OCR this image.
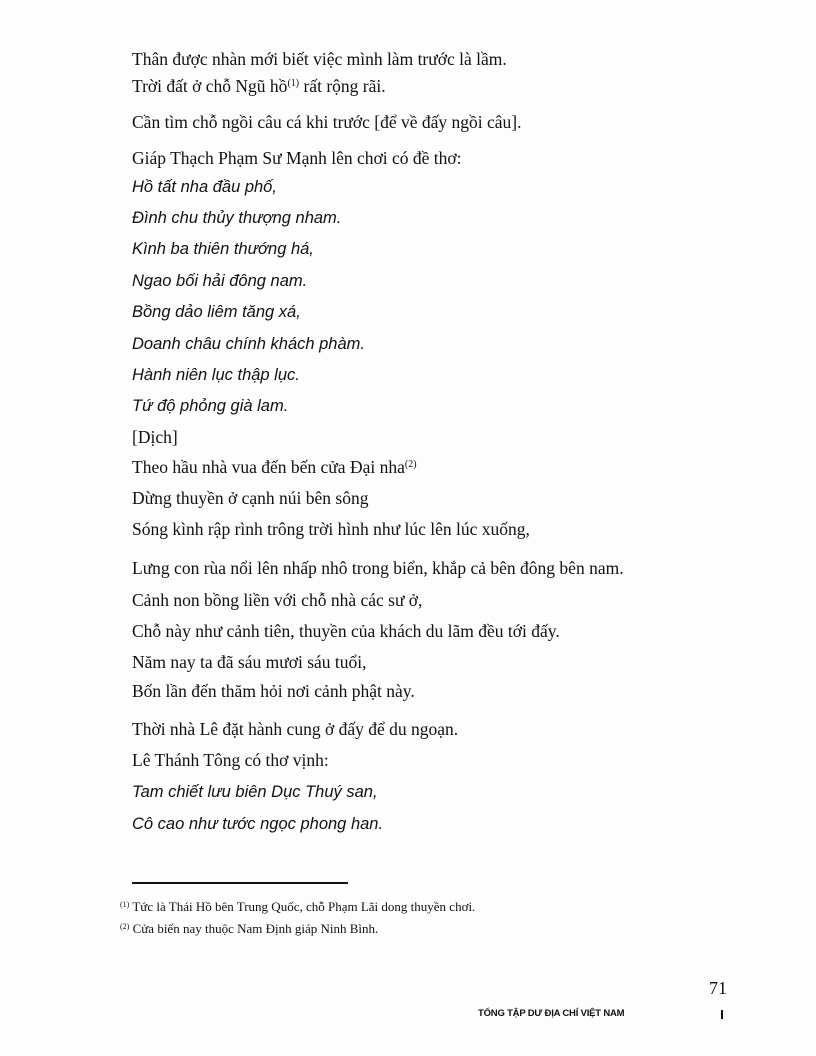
Thân được nhàn mới biết việc mình làm trước là lầm.
Trời đất ở chỗ Ngũ hồ$^{(1)}$ rất rộng rãi.
Cần tìm chỗ ngồi câu cá khi trước [để về đấy ngồi câu].
Giáp Thạch Phạm Sư Mạnh lên chơi có đề thơ:
Hồ tất nha đầu phố,
Đình chu thủy thượng nham.
Kình ba thiên thướng há,
Ngao bối hải đông nam.
Bồng dảo liêm tăng xá,
Doanh châu chính khách phàm.
Hành niên lục thập lục.
Tứ độ phỏng già lam.
[Dịch]
Theo hầu nhà vua đến bến cửa Đại nha$^{(2)}$
Dừng thuyền ở cạnh núi bên sông
Sóng kình rập rình trông trời hình như lúc lên lúc xuống,
Lưng con rùa nổi lên nhấp nhô trong biển, khắp cả bên đông bên nam.
Cảnh non bồng liền với chỗ nhà các sư ở,
Chỗ này như cảnh tiên, thuyền của khách du lãm đều tới đấy.
Năm nay ta đã sáu mươi sáu tuổi,
Bốn lần đến thăm hỏi nơi cảnh phật này.
Thời nhà Lê đặt hành cung ở đấy để du ngoạn.
Lê Thánh Tông có thơ vịnh:
Tam chiết lưu biên Dục Thuý san,
Cô cao như tước ngọc phong han.
$^{(1)}$ Tức là Thái Hồ bên Trung Quốc, chỗ Phạm Lãi dong thuyền chơi.
$^{(2)}$ Cửa biển nay thuộc Nam Định giáp Ninh Bình.
71
TỔNG TẬP DƯ ĐỊA CHÍ VIỆT NAM
